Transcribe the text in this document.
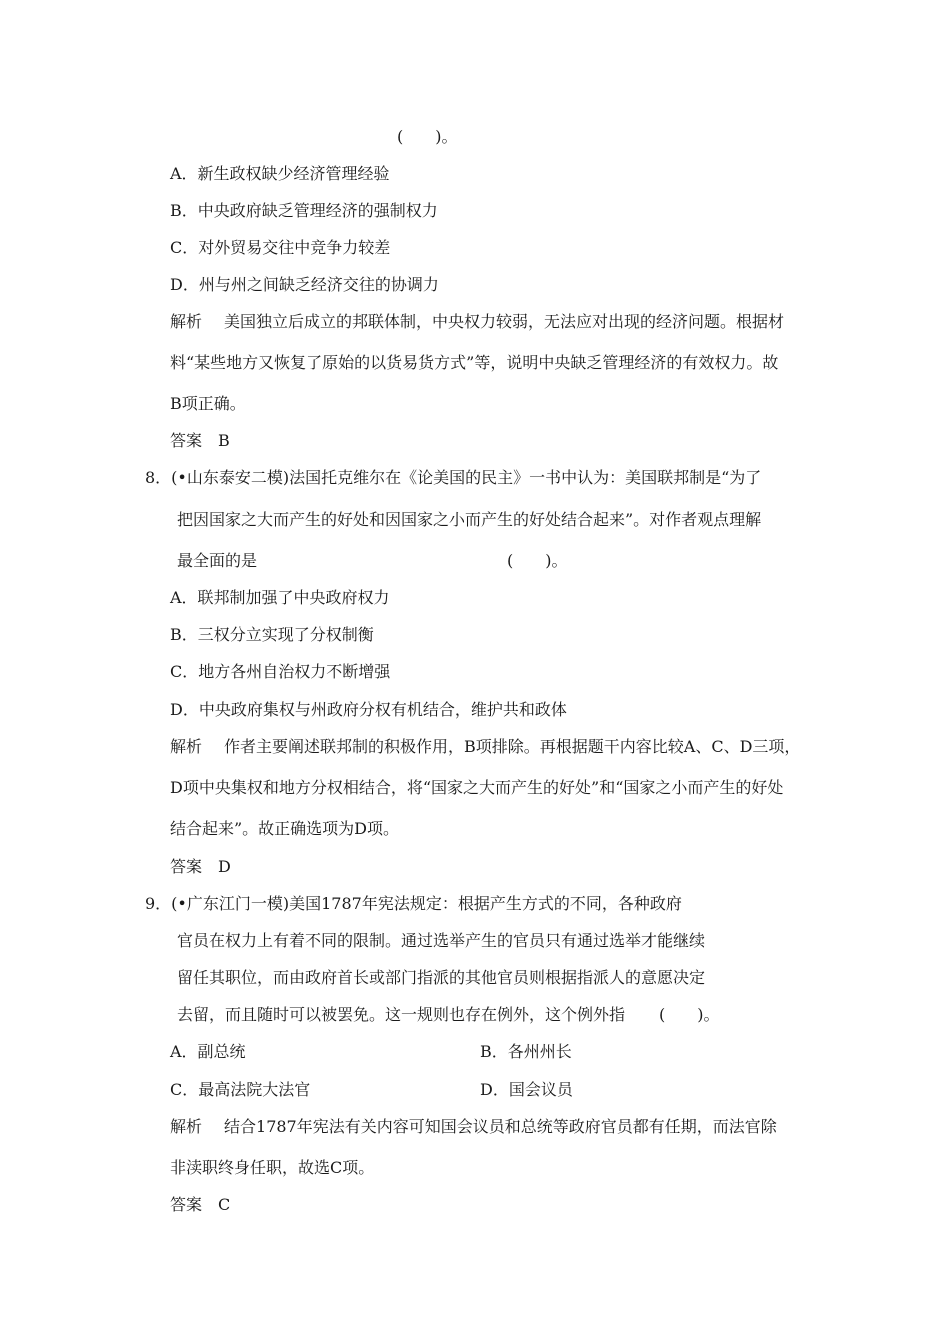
(　　)。
A．新生政权缺少经济管理经验
B．中央政府缺乏管理经济的强制权力
C．对外贸易交往中竞争力较差
D．州与州之间缺乏经济交往的协调力
解析 美国独立后成立的邦联体制，中央权力较弱，无法应对出现的经济问题。根据材
料“某些地方又恢复了原始的以货易货方式”等，说明中央缺乏管理经济的有效权力。故
B项正确。
答案　B
8．(•山东泰安二模)法国托克维尔在《论美国的民主》一书中认为：美国联邦制是“为了
把因国家之大而产生的好处和因国家之小而产生的好处结合起来”。对作者观点理解
最全面的是	(　　)。
A．联邦制加强了中央政府权力
B．三权分立实现了分权制衡
C．地方各州自治权力不断增强
D．中央政府集权与州政府分权有机结合，维护共和政体
解析 作者主要阐述联邦制的积极作用，B项排除。再根据题干内容比较A、C、D三项，
D项中央集权和地方分权相结合，将“国家之大而产生的好处”和“国家之小而产生的好处
结合起来”。故正确选项为D项。
答案　D
9．(•广东江门一模)美国1787年宪法规定：根据产生方式的不同，各种政府
官员在权力上有着不同的限制。通过选举产生的官员只有通过选举才能继续
留任其职位，而由政府首长或部门指派的其他官员则根据指派人的意愿决定
去留，而且随时可以被罢免。这一规则也存在例外，这个例外指 (　　)。
A．副总统	B．各州州长
C．最高法院大法官	D．国会议员
解析 结合1787年宪法有关内容可知国会议员和总统等政府官员都有任期，而法官除
非渎职终身任职，故选C项。
答案　C
